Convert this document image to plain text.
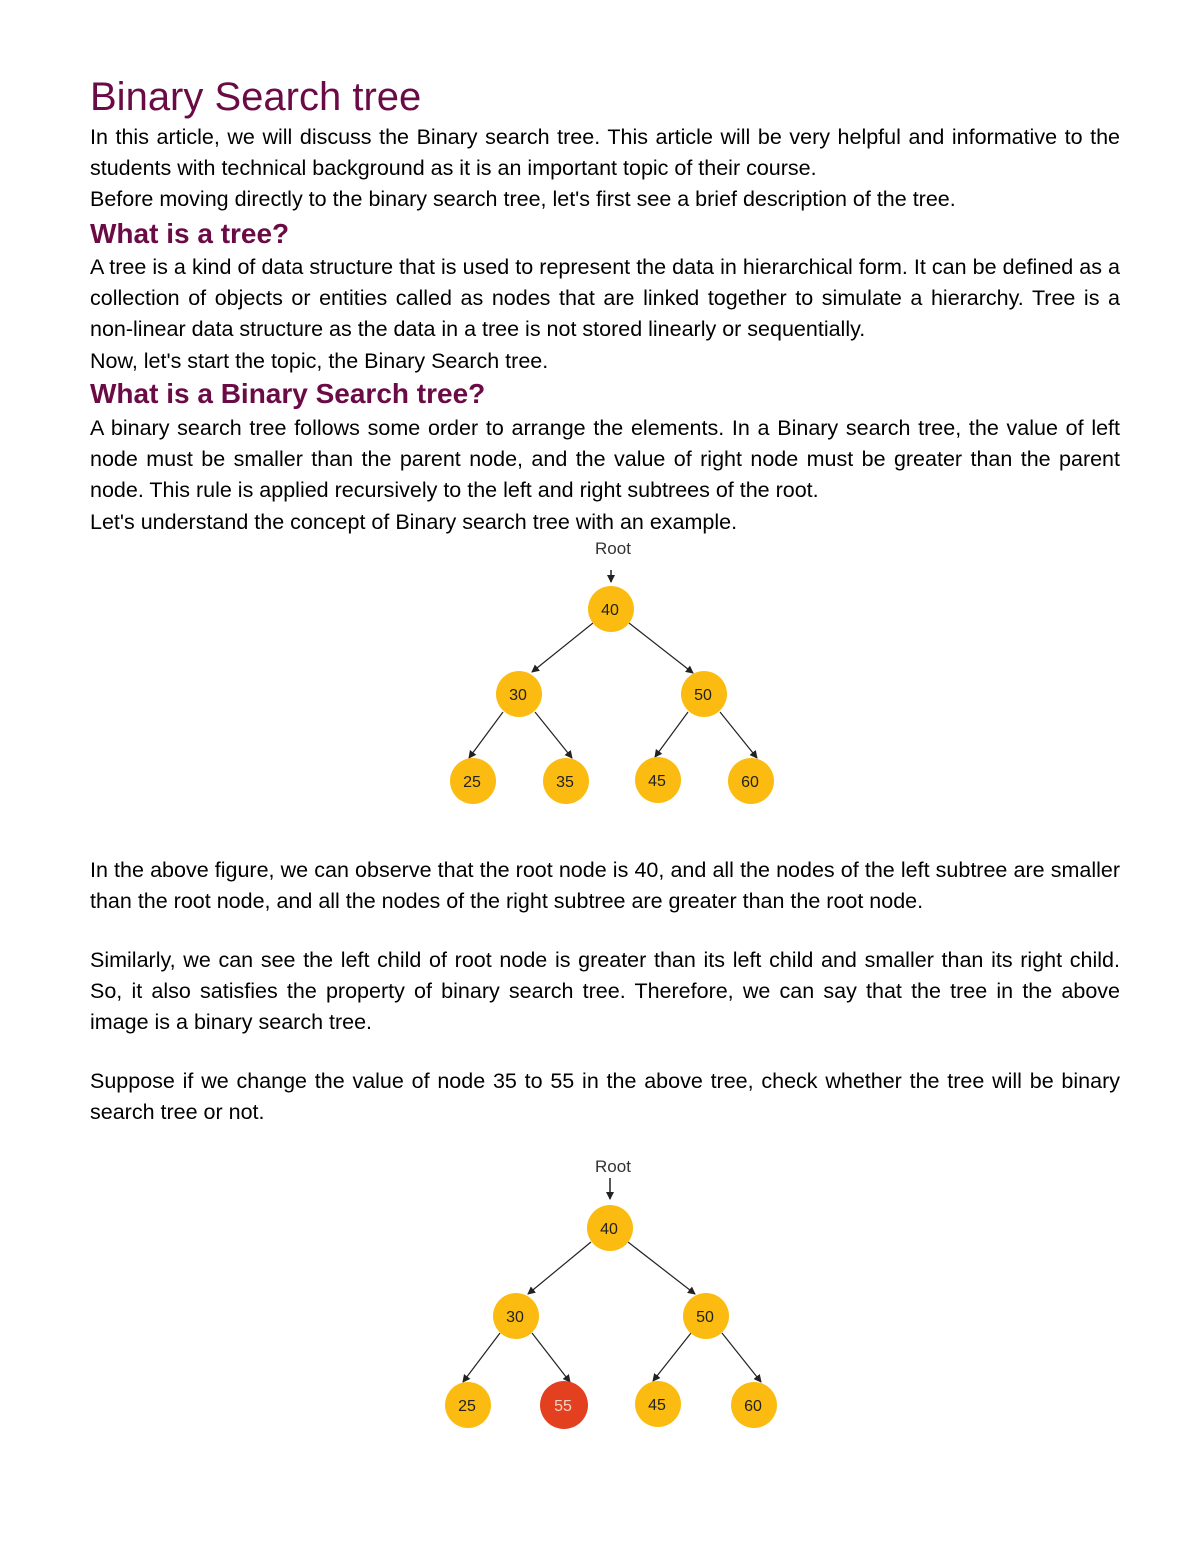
Binary Search tree

In this article, we will discuss the Binary search tree. This article will be very helpful and informative to the students with technical background as it is an important topic of their course.

Before moving directly to the binary search tree, let's first see a brief description of the tree.

What is a tree?

A tree is a kind of data structure that is used to represent the data in hierarchical form. It can be defined as a collection of objects or entities called as nodes that are linked together to simulate a hierarchy. Tree is a non-linear data structure as the data in a tree is not stored linearly or sequentially.

Now, let's start the topic, the Binary Search tree.

What is a Binary Search tree?

A binary search tree follows some order to arrange the elements. In a Binary search tree, the value of left node must be smaller than the parent node, and the value of right node must be greater than the parent node. This rule is applied recursively to the left and right subtrees of the root.

Let's understand the concept of Binary search tree with an example.

Root
40
30	50
25	35	45	60

In the above figure, we can observe that the root node is 40, and all the nodes of the left subtree are smaller than the root node, and all the nodes of the right subtree are greater than the root node.

Similarly, we can see the left child of root node is greater than its left child and smaller than its right child. So, it also satisfies the property of binary search tree. Therefore, we can say that the tree in the above image is a binary search tree.

Suppose if we change the value of node 35 to 55 in the above tree, check whether the tree will be binary search tree or not.

Root
40
30	50
25	55	45	60
